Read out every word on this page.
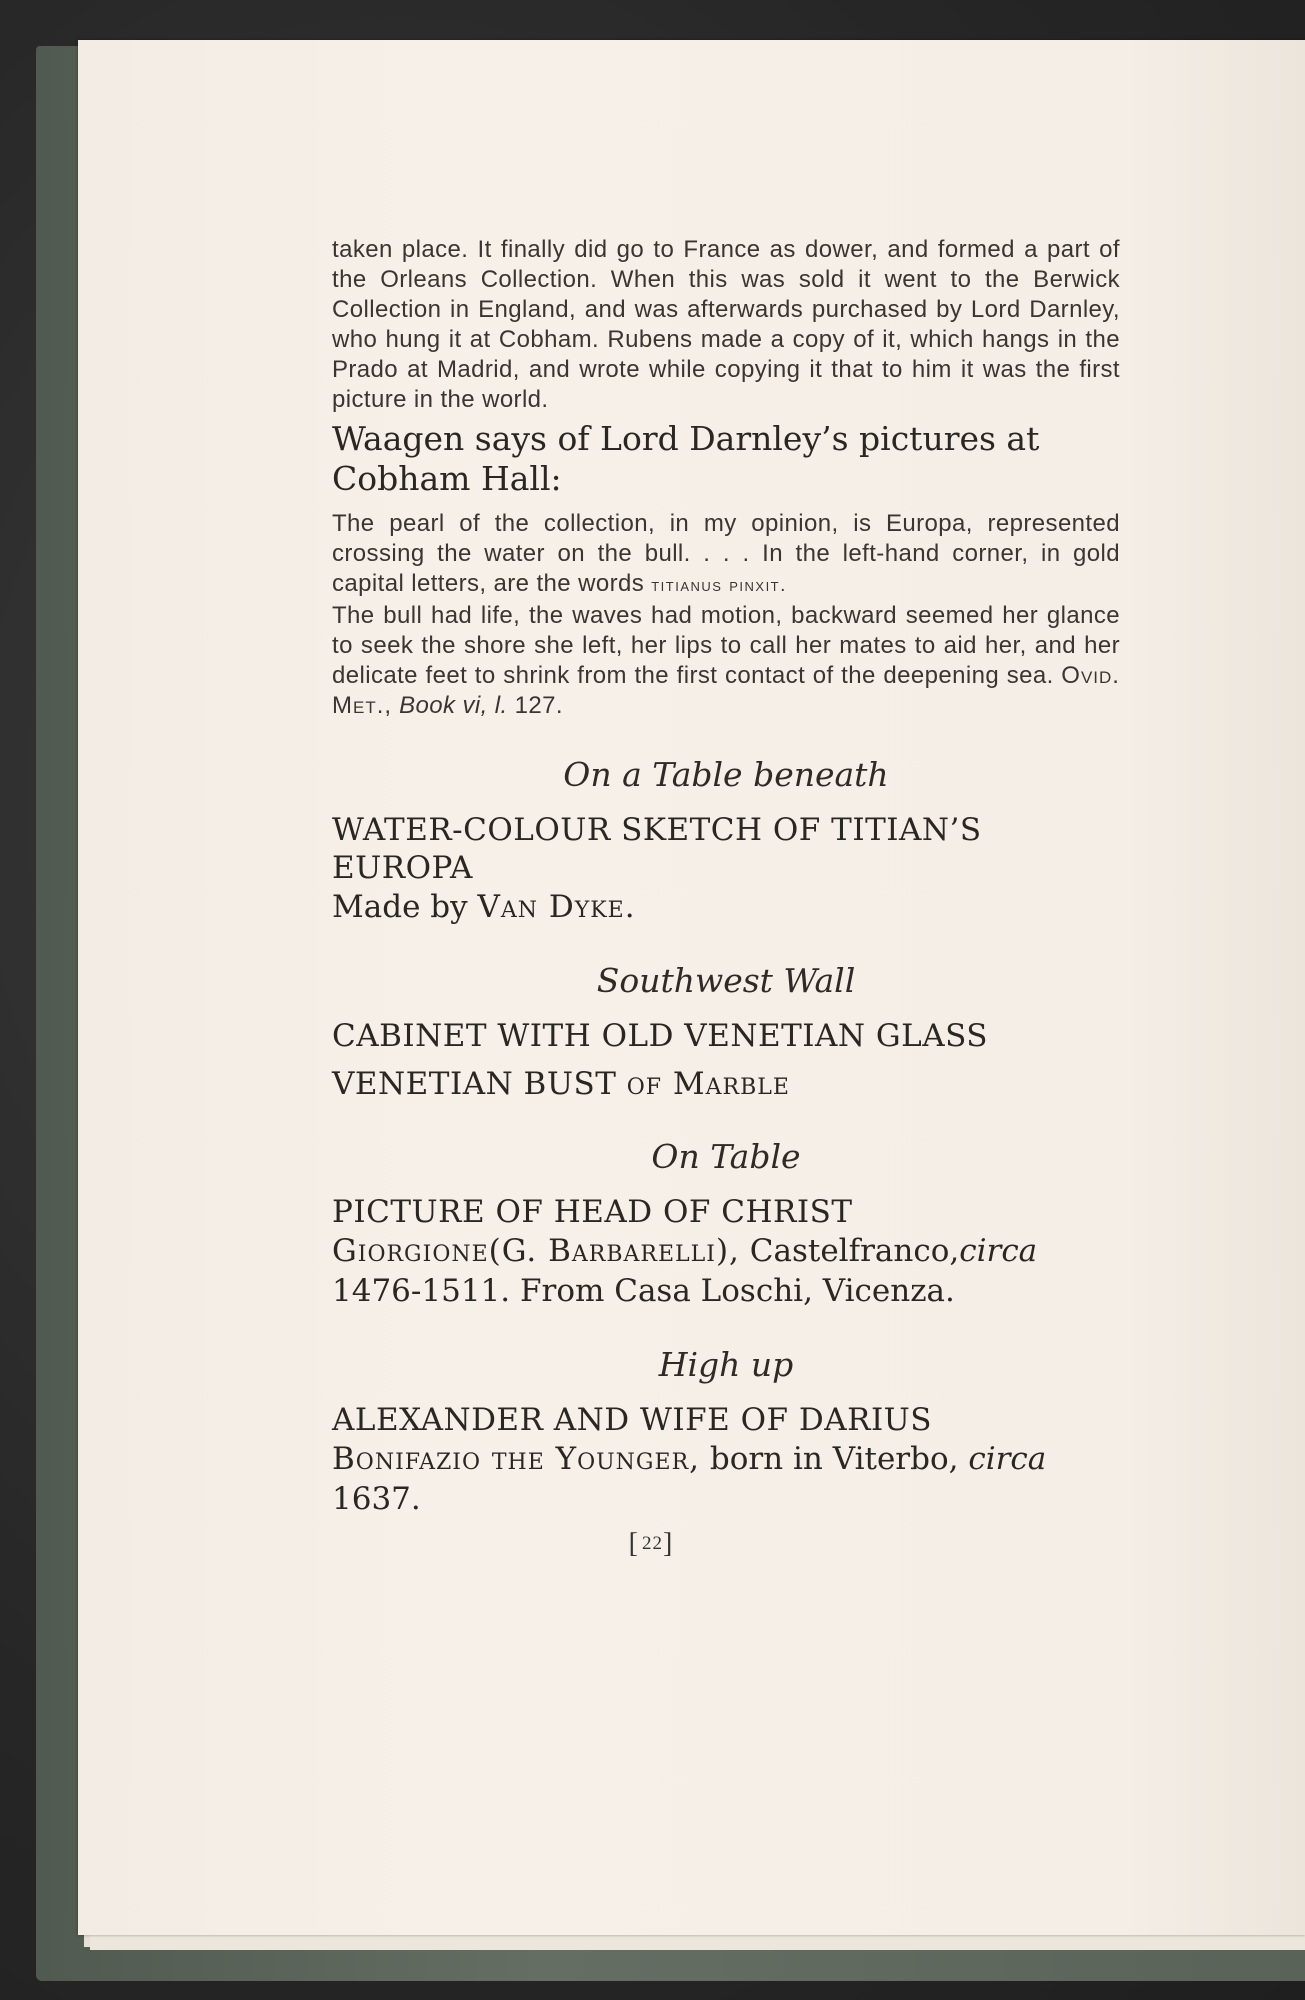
taken place. It finally did go to France as dower, and formed a part of the Orleans Collection. When this was sold it went to the Berwick Collection in England, and was afterwards purchased by Lord Darnley, who hung it at Cobham. Rubens made a copy of it, which hangs in the Prado at Madrid, and wrote while copying it that to him it was the first picture in the world.

Waagen says of Lord Darnley’s pictures at Cobham Hall:

The pearl of the collection, in my opinion, is Europa, represented crossing the water on the bull. . . . In the left-hand corner, in gold capital letters, are the words titianus pinxit.

The bull had life, the waves had motion, backward seemed her glance to seek the shore she left, her lips to call her mates to aid her, and her delicate feet to shrink from the first contact of the deepening sea. Ovid. Met., Book vi, l. 127.

On a Table beneath

WATER-COLOUR SKETCH OF TITIAN’S

EUROPA

Made by Van Dyke.

Southwest Wall

CABINET WITH OLD VENETIAN GLASS

VENETIAN BUST of Marble

On Table

PICTURE OF HEAD OF CHRIST

Giorgione(G. Barbarelli), Castelfranco,circa 1476-1511. From Casa Loschi, Vicenza.

High up

ALEXANDER AND WIFE OF DARIUS

Bonifazio the Younger, born in Viterbo, circa 1637.

[22]
